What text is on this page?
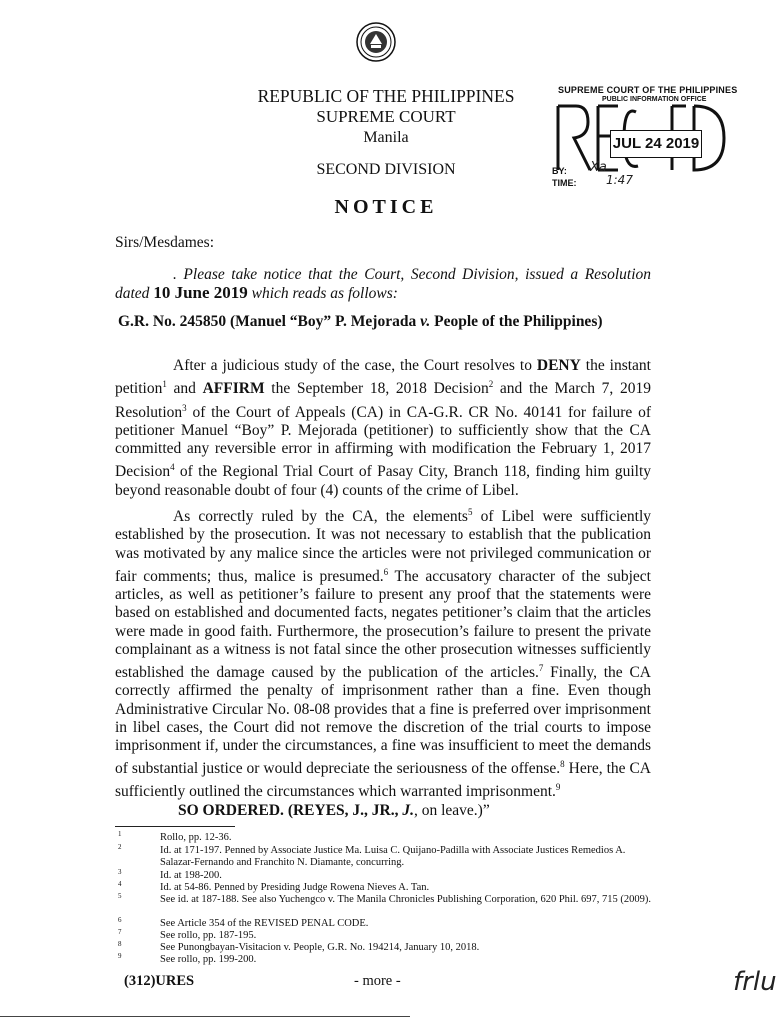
REPUBLIC OF THE PHILIPPINES
SUPREME COURT
Manila
SECOND DIVISION
SUPREME COURT OF THE PHILIPPINES
PUBLIC INFORMATION OFFICE
JUL 24 2019
BY: Xa
TIME: 1:47
NOTICE
Sirs/Mesdames:
. Please take notice that the Court, Second Division, issued a Resolution dated 10 June 2019 which reads as follows:
G.R. No. 245850 (Manuel “Boy” P. Mejorada v. People of the Philippines)
After a judicious study of the case, the Court resolves to DENY the instant petition$^1$ and AFFIRM the September 18, 2018 Decision$^2$ and the March 7, 2019 Resolution$^3$ of the Court of Appeals (CA) in CA-G.R. CR No. 40141 for failure of petitioner Manuel “Boy” P. Mejorada (petitioner) to sufficiently show that the CA committed any reversible error in affirming with modification the February 1, 2017 Decision$^4$ of the Regional Trial Court of Pasay City, Branch 118, finding him guilty beyond reasonable doubt of four (4) counts of the crime of Libel.
As correctly ruled by the CA, the elements$^5$ of Libel were sufficiently established by the prosecution. It was not necessary to establish that the publication was motivated by any malice since the articles were not privileged communication or fair comments; thus, malice is presumed.$^6$ The accusatory character of the subject articles, as well as petitioner’s failure to present any proof that the statements were based on established and documented facts, negates petitioner’s claim that the articles were made in good faith. Furthermore, the prosecution’s failure to present the private complainant as a witness is not fatal since the other prosecution witnesses sufficiently established the damage caused by the publication of the articles.$^7$ Finally, the CA correctly affirmed the penalty of imprisonment rather than a fine. Even though Administrative Circular No. 08-08 provides that a fine is preferred over imprisonment in libel cases, the Court did not remove the discretion of the trial courts to impose imprisonment if, under the circumstances, a fine was insufficient to meet the demands of substantial justice or would depreciate the seriousness of the offense.$^8$ Here, the CA sufficiently outlined the circumstances which warranted imprisonment.$^9$
SO ORDERED. (REYES, J., JR., J., on leave.)”
1	Rollo, pp. 12-36.
2	Id. at 171-197. Penned by Associate Justice Ma. Luisa C. Quijano-Padilla with Associate Justices Remedios A. Salazar-Fernando and Franchito N. Diamante, concurring.
3	Id. at 198-200.
4	Id. at 54-86. Penned by Presiding Judge Rowena Nieves A. Tan.
5	See id. at 187-188. See also Yuchengco v. The Manila Chronicles Publishing Corporation, 620 Phil. 697, 715 (2009).
6	See Article 354 of the REVISED PENAL CODE.
7	See rollo, pp. 187-195.
8	See Punongbayan-Visitacion v. People, G.R. No. 194214, January 10, 2018.
9	See rollo, pp. 199-200.
(312)URES	- more -	frlu
